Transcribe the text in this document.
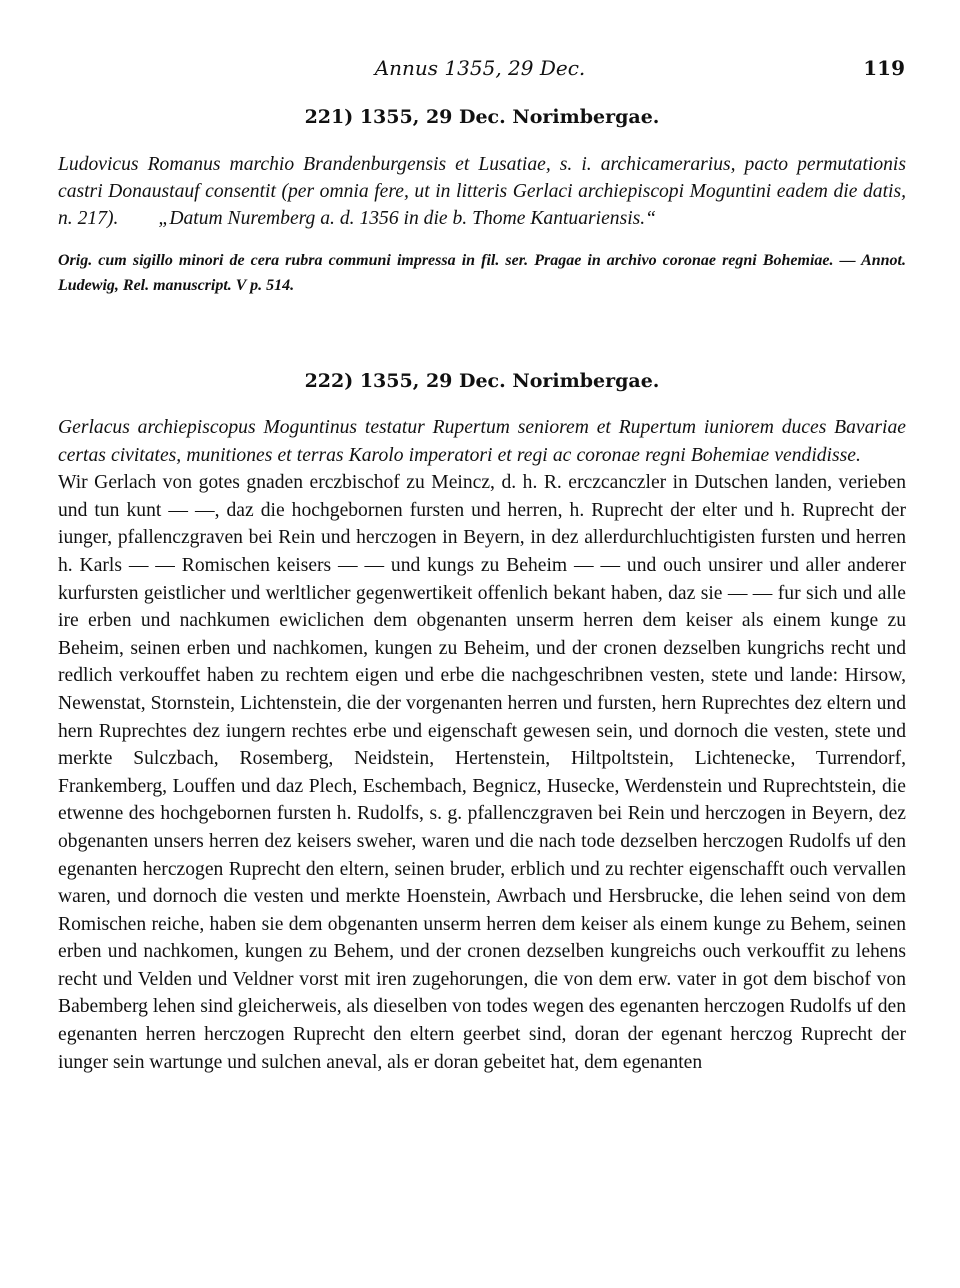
Annus 1355, 29 Dec.	119
221) 1355, 29 Dec. Norimbergae.
Ludovicus Romanus marchio Brandenburgensis et Lusatiae, s. i. archicamerarius, pacto permutationis castri Donaustauf consentit (per omnia fere, ut in litteris Gerlaci archiepiscopi Moguntini eadem die datis, n. 217). „Datum Nuremberg a. d. 1356 in die b. Thome Kantuariensis.“
Orig. cum sigillo minori de cera rubra communi impressa in fil. ser. Pragae in archivo coronae regni Bohemiae. — Annot. Ludewig, Rel. manuscript. V p. 514.
222) 1355, 29 Dec. Norimbergae.
Gerlacus archiepiscopus Moguntinus testatur Rupertum seniorem et Rupertum iuniorem duces Bavariae certas civitates, munitiones et terras Karolo imperatori et regi ac coronae regni Bohemiae vendidisse. Wir Gerlach von gotes gnaden erczbischof zu Meincz, d. h. R. erczcanczler in Dutschen landen, verieben und tun kunt — —, daz die hochgebornen fursten und herren, h. Ruprecht der elter und h. Ruprecht der iunger, pfallenczgraven bei Rein und herczogen in Beyern, in dez allerdurchluchtigisten fursten und herren h. Karls — — Romischen keisers — — und kungs zu Beheim — — und ouch unsirer und aller anderer kurfursten geistlicher und werltlicher gegenwertikeit offenlich bekant haben, daz sie — — fur sich und alle ire erben und nachkumen ewiclichen dem obgenanten unserm herren dem keiser als einem kunge zu Beheim, seinen erben und nachkomen, kungen zu Beheim, und der cronen dezselben kungrichs recht und redlich verkouffet haben zu rechtem eigen und erbe die nachgeschribnen vesten, stete und lande: Hirsow, Newenstat, Stornstein, Lichtenstein, die der vorgenanten herren und fursten, hern Ruprechtes dez eltern und hern Ruprechtes dez iungern rechtes erbe und eigenschaft gewesen sein, und dornoch die vesten, stete und merkte Sulczbach, Rosemberg, Neidstein, Hertenstein, Hiltpoltstein, Lichtenecke, Turrendorf, Frankemberg, Louffen und daz Plech, Eschembach, Begnicz, Husecke, Werdenstein und Ruprechtstein, die etwenne des hochgebornen fursten h. Rudolfs, s. g. pfallenczgraven bei Rein und herczogen in Beyern, dez obgenanten unsers herren dez keisers sweher, waren und die nach tode dezselben herczogen Rudolfs uf den egenanten herczogen Ruprecht den eltern, seinen bruder, erblich und zu rechter eigenschafft ouch vervallen waren, und dornoch die vesten und merkte Hoenstein, Awrbach und Hersbrucke, die lehen seind von dem Romischen reiche, haben sie dem obgenanten unserm herren dem keiser als einem kunge zu Behem, seinen erben und nachkomen, kungen zu Behem, und der cronen dezselben kungreichs ouch verkouffit zu lehens recht und Velden und Veldner vorst mit iren zugehorungen, die von dem erw. vater in got dem bischof von Babemberg lehen sind gleicherweis, als dieselben von todes wegen des egenanten herczogen Rudolfs uf den egenanten herren herczogen Ruprecht den eltern geerbet sind, doran der egenant herczog Ruprecht der iunger sein wartunge und sulchen aneval, als er doran gebeitet hat, dem egenanten
